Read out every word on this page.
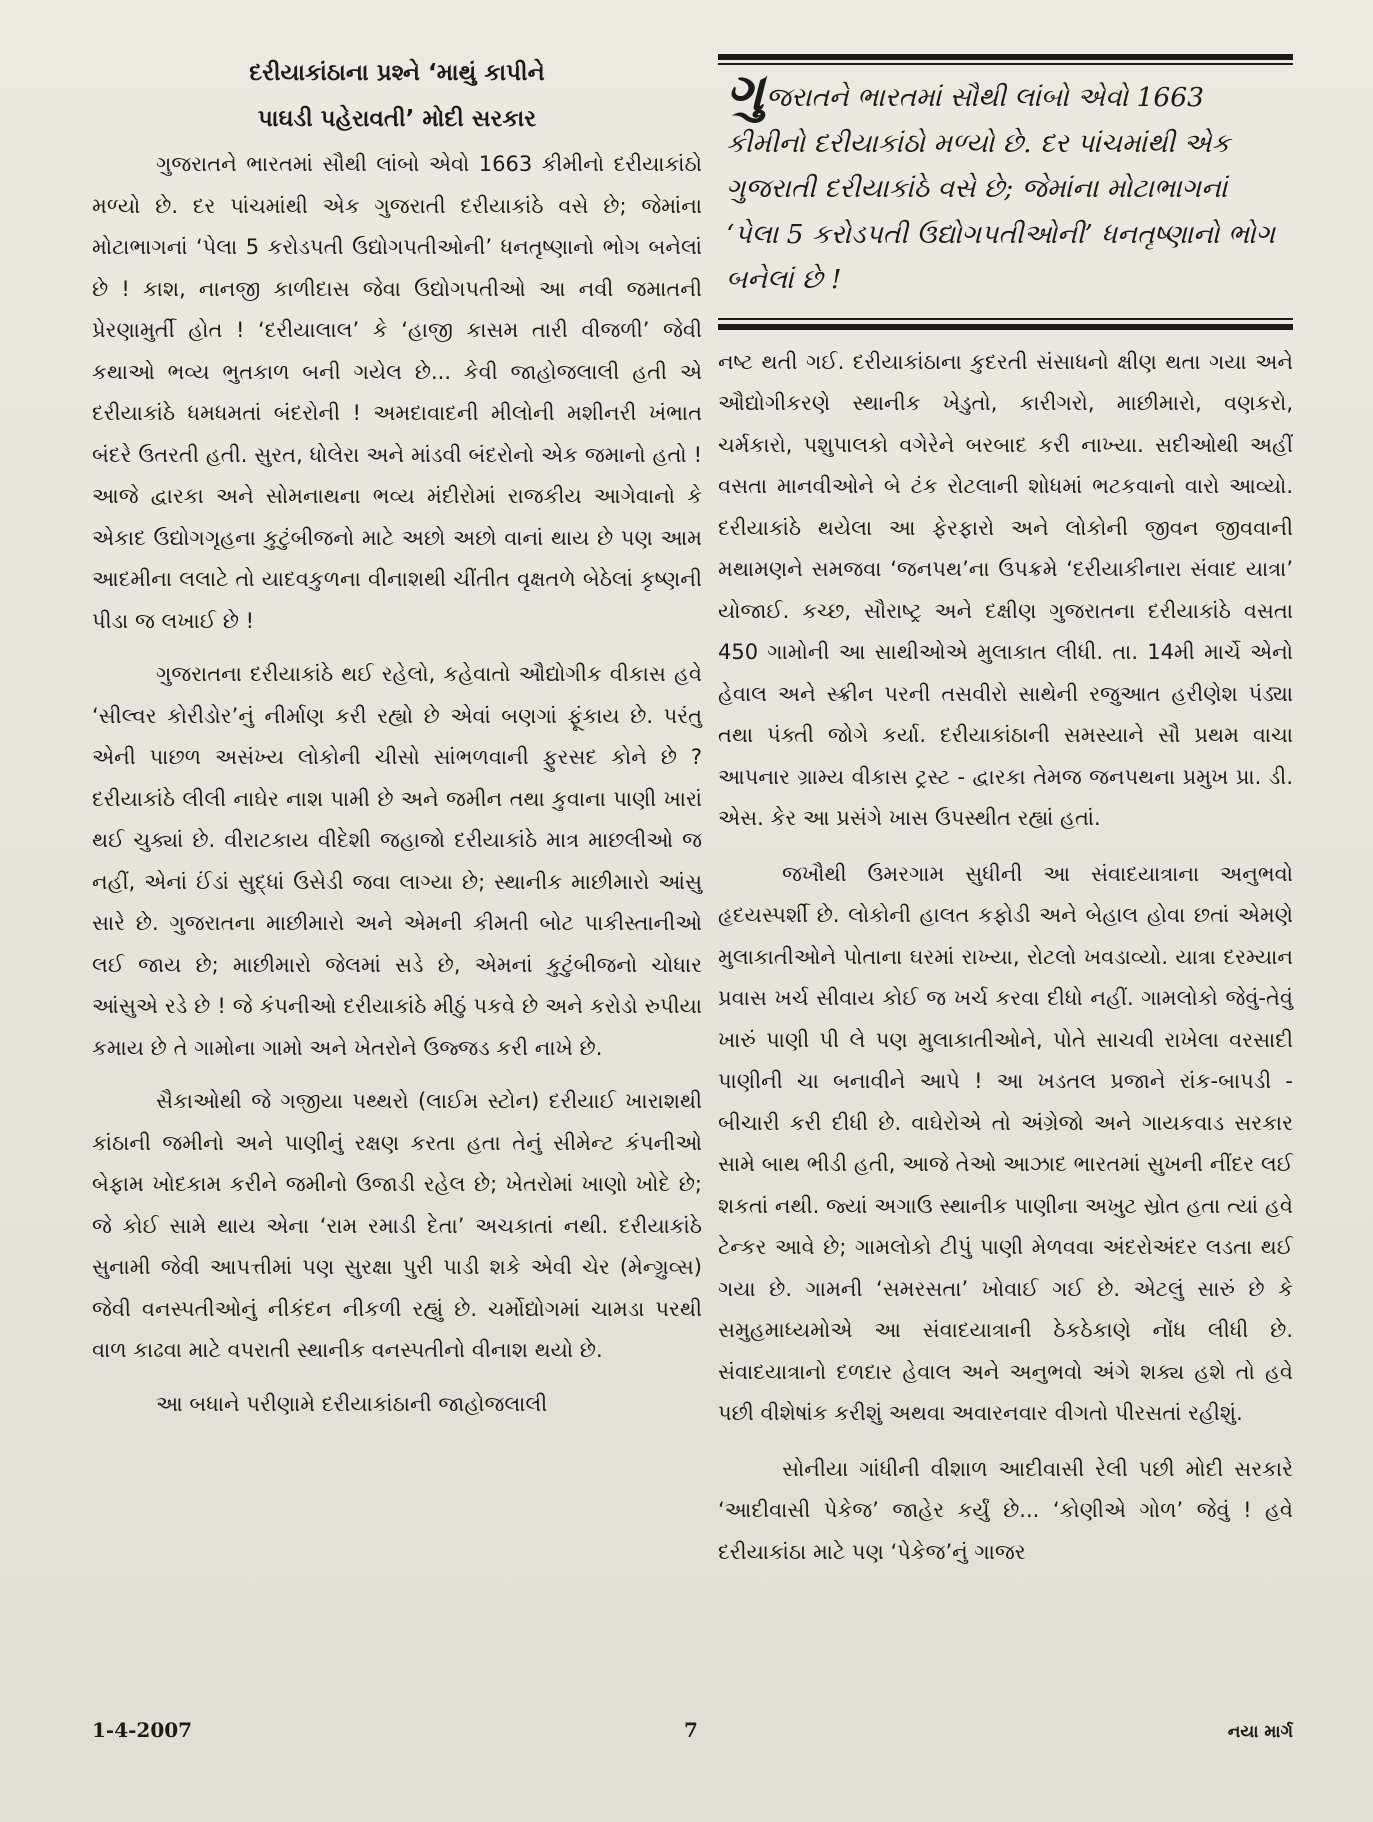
દરીયાકાંઠાના પ્રશ્ને ‘માથું કાપીને
પાઘડી પહેરાવતી’ મોદી સરકાર

ગુજરાતને ભારતમાં સૌથી લાંબો એવો 1663 કીમીનો દરીયાકાંઠો મળ્યો છે. દર પાંચમાંથી એક ગુજરાતી દરીયાકાંઠે વસે છે; જેમાંના મોટાભાગનાં ‘પેલા 5 કરોડપતી ઉદ્યોગપતીઓની’ ધનતૃષ્ણાનો ભોગ બનેલાં છે ! કાશ, નાનજી કાળીદાસ જેવા ઉદ્યોગપતીઓ આ નવી જમાતની પ્રેરણામુર્તી હોત ! ‘દરીયાલાલ’ કે ‘હાજી કાસમ તારી વીજળી’ જેવી કથાઓ ભવ્ય ભુતકાળ બની ગયેલ છે... કેવી જાહોજલાલી હતી એ દરીયાકાંઠે ધમધમતાં બંદરોની ! અમદાવાદની મીલોની મશીનરી ખંભાત બંદરે ઉતરતી હતી. સુરત, ધોલેરા અને માંડવી બંદરોનો એક જમાનો હતો ! આજે દ્વારકા અને સોમનાથના ભવ્ય મંદીરોમાં રાજકીય આગેવાનો કે એકાદ ઉદ્યોગગૃહના કુટુંબીજનો માટે અછો અછો વાનાં થાય છે પણ આમ આદમીના લલાટે તો યાદવકુળના વીનાશથી ચીંતીત વૃક્ષતળે બેઠેલાં કૃષ્ણની પીડા જ લખાઈ છે !

ગુજરાતના દરીયાકાંઠે થઈ રહેલો, કહેવાતો ઔદ્યોગીક વીકાસ હવે ‘સીલ્વર કોરીડોર’નું નીર્માણ કરી રહ્યો છે એવાં બણગાં ફૂંકાય છે. પરંતુ એની પાછળ અસંખ્ય લોકોની ચીસો સાંભળવાની ફુરસદ કોને છે ? દરીયાકાંઠે લીલી નાઘેર નાશ પામી છે અને જમીન તથા કુવાના પાણી ખારાં થઈ ચુક્યાં છે. વીરાટકાય વીદેશી જહાજો દરીયાકાંઠે માત્ર માછલીઓ જ નહીં, એનાં ઈંડાં સુદ્ધાં ઉસેડી જવા લાગ્યા છે; સ્થાનીક માછીમારો આંસુ સારે છે. ગુજરાતના માછીમારો અને એમની કીમતી બોટ પાકીસ્તાનીઓ લઈ જાય છે; માછીમારો જેલમાં સડે છે, એમનાં કુટુંબીજનો ચોધાર આંસુએ રડે છે ! જે કંપનીઓ દરીયાકાંઠે મીઠું પકવે છે અને કરોડો રુપીયા કમાય છે તે ગામોના ગામો અને ખેતરોને ઉજ્જડ કરી નાખે છે.

સૈકાઓથી જે ગજીયા પથ્થરો (લાઈમ સ્ટોન) દરીયાઈ ખારાશથી કાંઠાની જમીનો અને પાણીનું રક્ષણ કરતા હતા તેનું સીમેન્ટ કંપનીઓ બેફામ ખોદકામ કરીને જમીનો ઉજાડી રહેલ છે; ખેતરોમાં ખાણો ખોદે છે; જે કોઈ સામે થાય એના ‘રામ રમાડી દેતા’ અચકાતાં નથી. દરીયાકાંઠે સુનામી જેવી આપત્તીમાં પણ સુરક્ષા પુરી પાડી શકે એવી ચેર (મેન્ગ્રુવ્સ) જેવી વનસ્પતીઓનું નીકંદન નીકળી રહ્યું છે. ચર્મોદ્યોગમાં ચામડા પરથી વાળ કાઢવા માટે વપરાતી સ્થાનીક વનસ્પતીનો વીનાશ થયો છે.

આ બધાને પરીણામે દરીયાકાંઠાની જાહોજલાલી

ગુજરાતને ભારતમાં સૌથી લાંબો એવો 1663 કીમીનો દરીયાકાંઠો મળ્યો છે. દર પાંચમાંથી એક ગુજરાતી દરીયાકાંઠે વસે છે; જેમાંના મોટાભાગનાં ‘પેલા 5 કરોડપતી ઉદ્યોગપતીઓની’ ધનતૃષ્ણાનો ભોગ બનેલાં છે !

નષ્ટ થતી ગઈ. દરીયાકાંઠાના કુદરતી સંસાધનો ક્ષીણ થતા ગયા અને ઔદ્યોગીકરણે સ્થાનીક ખેડુતો, કારીગરો, માછીમારો, વણકરો, ચર્મકારો, પશુપાલકો વગેરેને બરબાદ કરી નાખ્યા. સદીઓથી અહીં વસતા માનવીઓને બે ટંક રોટલાની શોધમાં ભટકવાનો વારો આવ્યો. દરીયાકાંઠે થયેલા આ ફેરફારો અને લોકોની જીવન જીવવાની મથામણને સમજવા ‘જનપથ’ના ઉપક્રમે ‘દરીયાકીનારા સંવાદ યાત્રા’ યોજાઈ. કચ્છ, સૌરાષ્ટ્ર અને દક્ષીણ ગુજરાતના દરીયાકાંઠે વસતા 450 ગામોની આ સાથીઓએ મુલાકાત લીધી. તા. 14મી માર્ચે એનો હેવાલ અને સ્ક્રીન પરની તસવીરો સાથેની રજુઆત હરીણેશ પંડ્યા તથા પંક્તી જોગે કર્યા. દરીયાકાંઠાની સમસ્યાને સૌ પ્રથમ વાચા આપનાર ગ્રામ્ય વીકાસ ટ્રસ્ટ - દ્વારકા તેમજ જનપથના પ્રમુખ પ્રા. ડી. એસ. કેર આ પ્રસંગે ખાસ ઉપસ્થીત રહ્યાં હતાં.

જખૌથી ઉમરગામ સુધીની આ સંવાદયાત્રાના અનુભવો હૃદયસ્પર્શી છે. લોકોની હાલત કફોડી અને બેહાલ હોવા છતાં એમણે મુલાકાતીઓને પોતાના ઘરમાં રાખ્યા, રોટલો ખવડાવ્યો. યાત્રા દરમ્યાન પ્રવાસ ખર્ચ સીવાય કોઈ જ ખર્ચ કરવા દીધો નહીં. ગામલોકો જેવું-તેવું ખારું પાણી પી લે પણ મુલાકાતીઓને, પોતે સાચવી રાખેલા વરસાદી પાણીની ચા બનાવીને આપે ! આ ખડતલ પ્રજાને રાંક-બાપડી - બીચારી કરી દીધી છે. વાઘેરોએ તો અંગ્રેજો અને ગાયકવાડ સરકાર સામે બાથ ભીડી હતી, આજે તેઓ આઝાદ ભારતમાં સુખની નીંદર લઈ શકતાં નથી. જ્યાં અગાઉ સ્થાનીક પાણીના અખુટ સ્રોત હતા ત્યાં હવે ટેન્કર આવે છે; ગામલોકો ટીપું પાણી મેળવવા અંદરોઅંદર લડતા થઈ ગયા છે. ગામની ‘સમરસતા’ ખોવાઈ ગઈ છે. એટલું સારું છે કે સમુહમાધ્યમોએ આ સંવાદયાત્રાની ઠેકઠેકાણે નોંધ લીધી છે. સંવાદયાત્રાનો દળદાર હેવાલ અને અનુભવો અંગે શક્ય હશે તો હવે પછી વીશેષાંક કરીશું અથવા અવારનવાર વીગતો પીરસતાં રહીશું.

સોનીયા ગાંધીની વીશાળ આદીવાસી રેલી પછી મોદી સરકારે ‘આદીવાસી પેકેજ’ જાહેર કર્યું છે... ‘કોણીએ ગોળ’ જેવું ! હવે દરીયાકાંઠા માટે પણ ‘પેકેજ’નું ગાજર

1-4-2007	7	નયા માર્ગ
